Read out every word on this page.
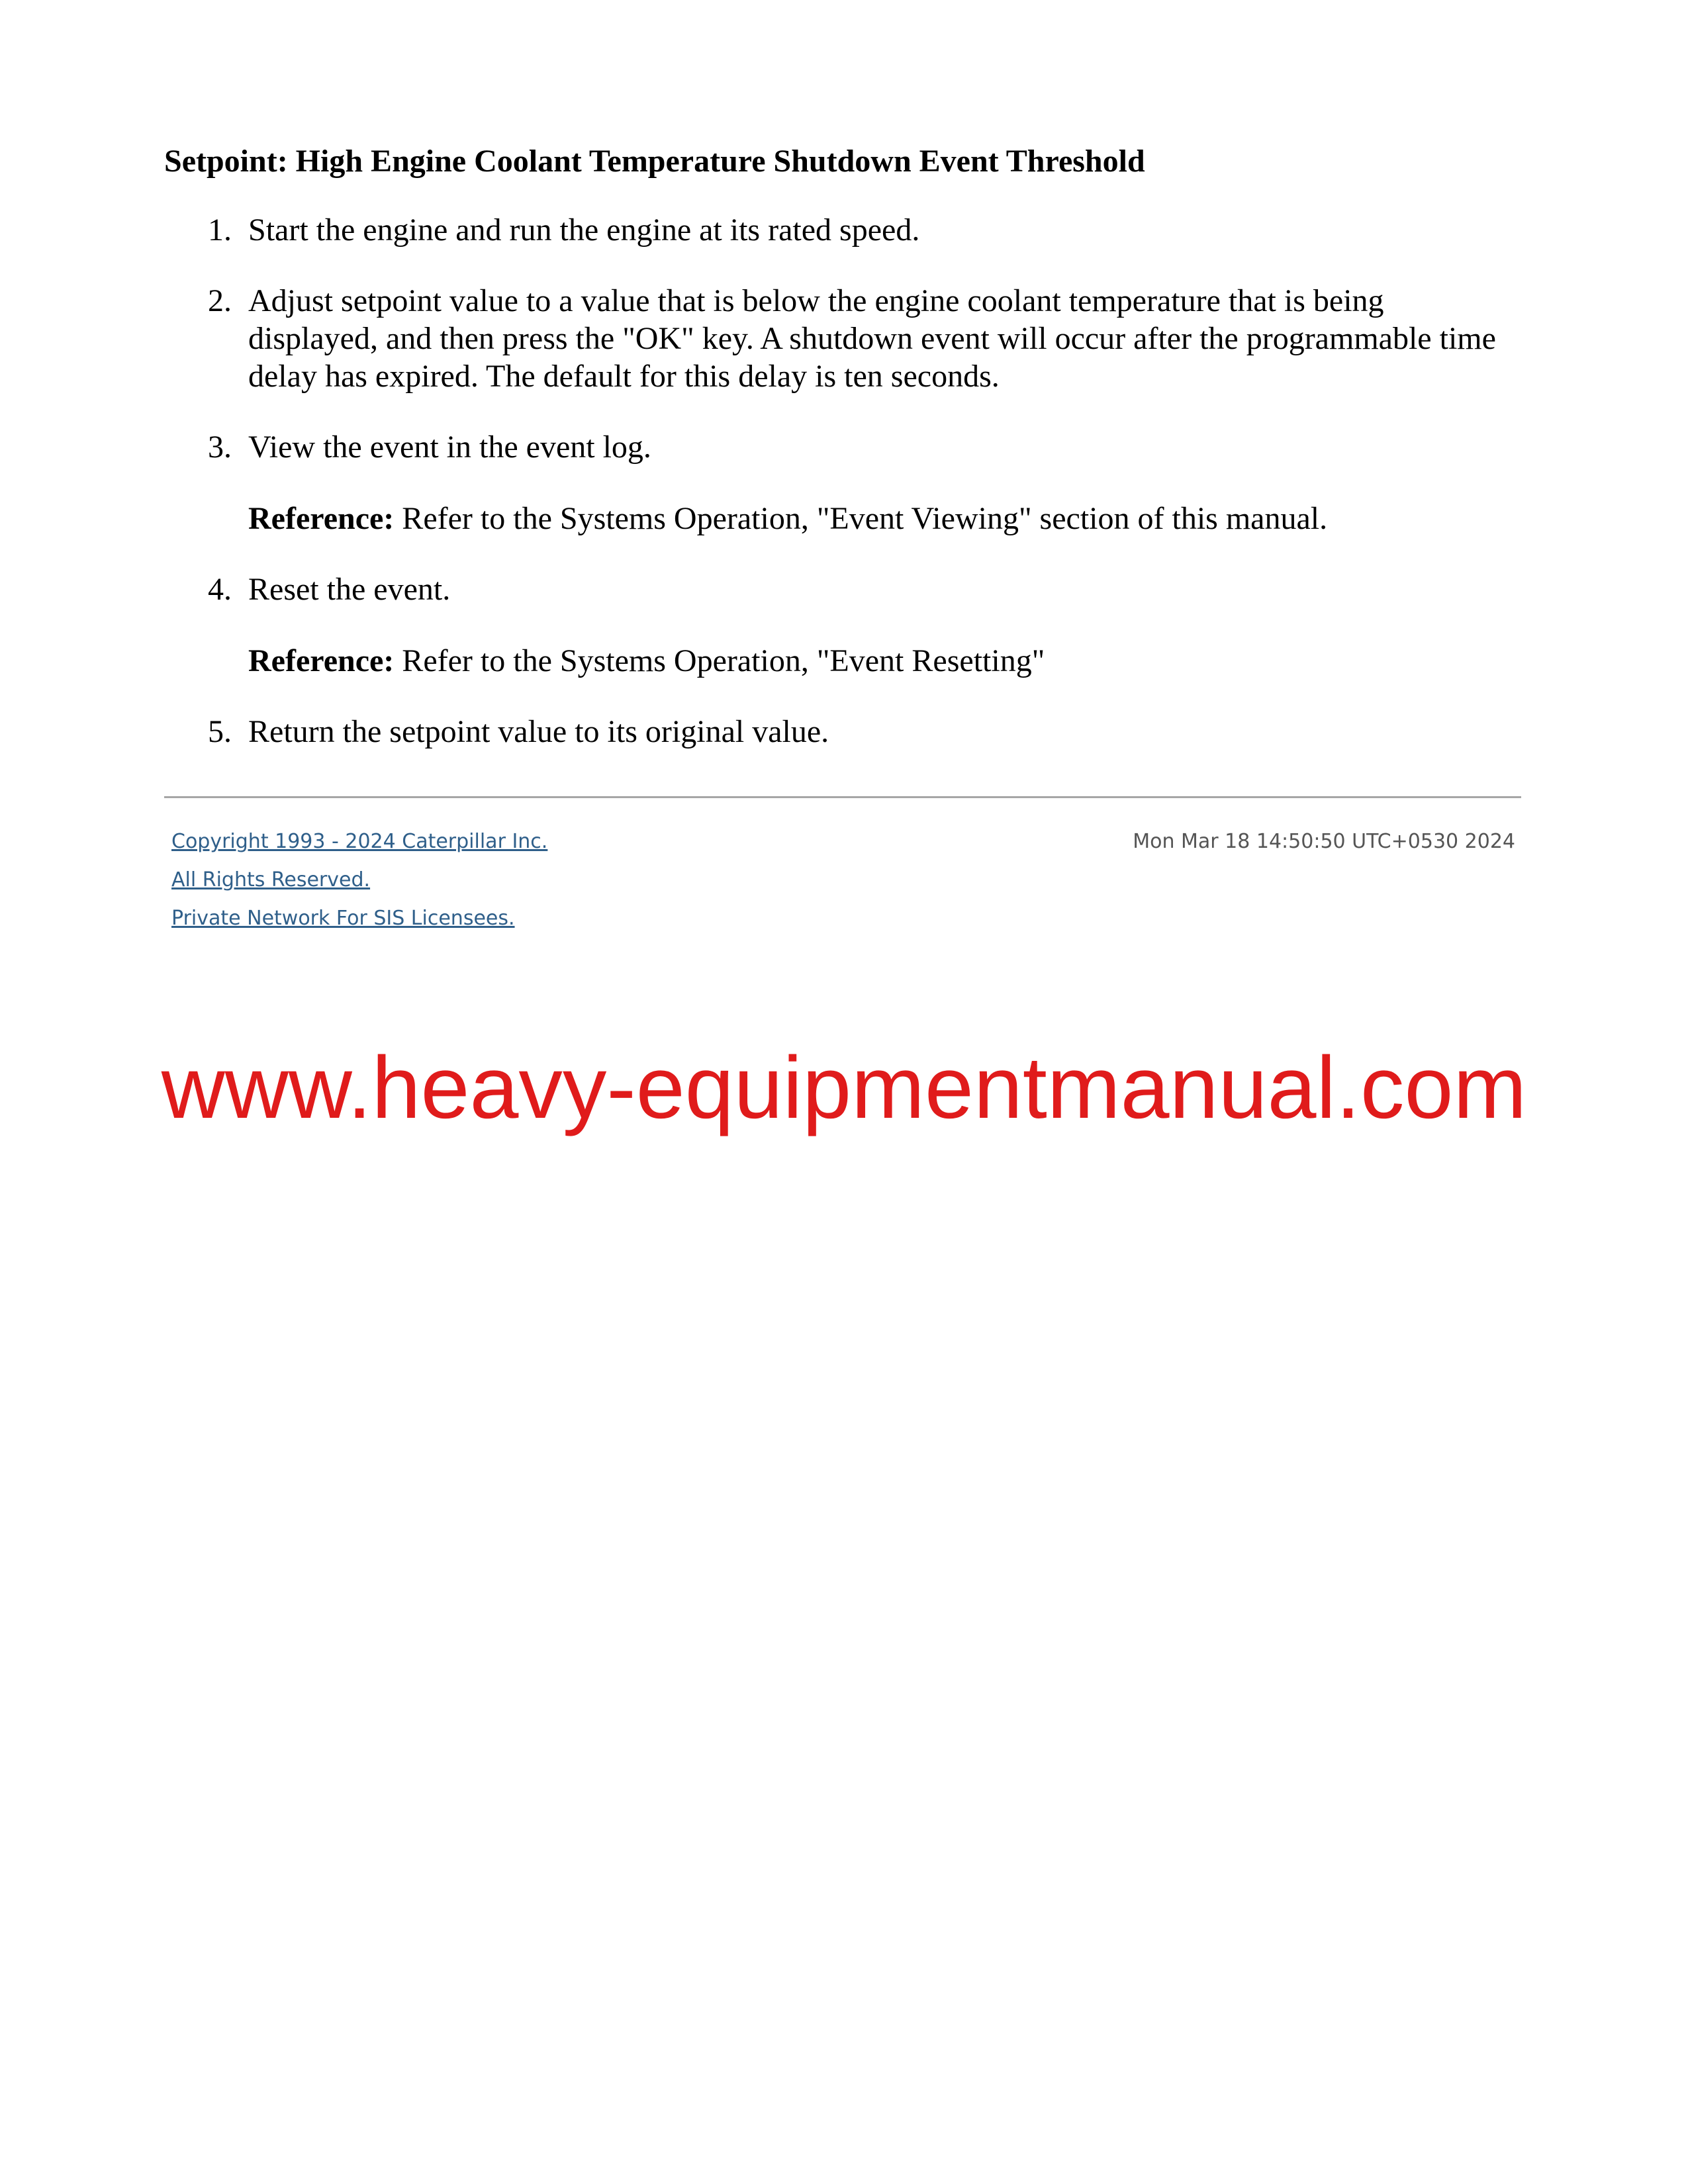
Setpoint: High Engine Coolant Temperature Shutdown Event Threshold
1. Start the engine and run the engine at its rated speed.
2. Adjust setpoint value to a value that is below the engine coolant temperature that is being displayed, and then press the "OK" key. A shutdown event will occur after the programmable time delay has expired. The default for this delay is ten seconds.
3. View the event in the event log.
Reference: Refer to the Systems Operation, "Event Viewing" section of this manual.
4. Reset the event.
Reference: Refer to the Systems Operation, "Event Resetting"
5. Return the setpoint value to its original value.
Copyright 1993 - 2024 Caterpillar Inc.
All Rights Reserved.
Private Network For SIS Licensees.
Mon Mar 18 14:50:50 UTC+0530 2024
www.heavy-equipmentmanual.com
